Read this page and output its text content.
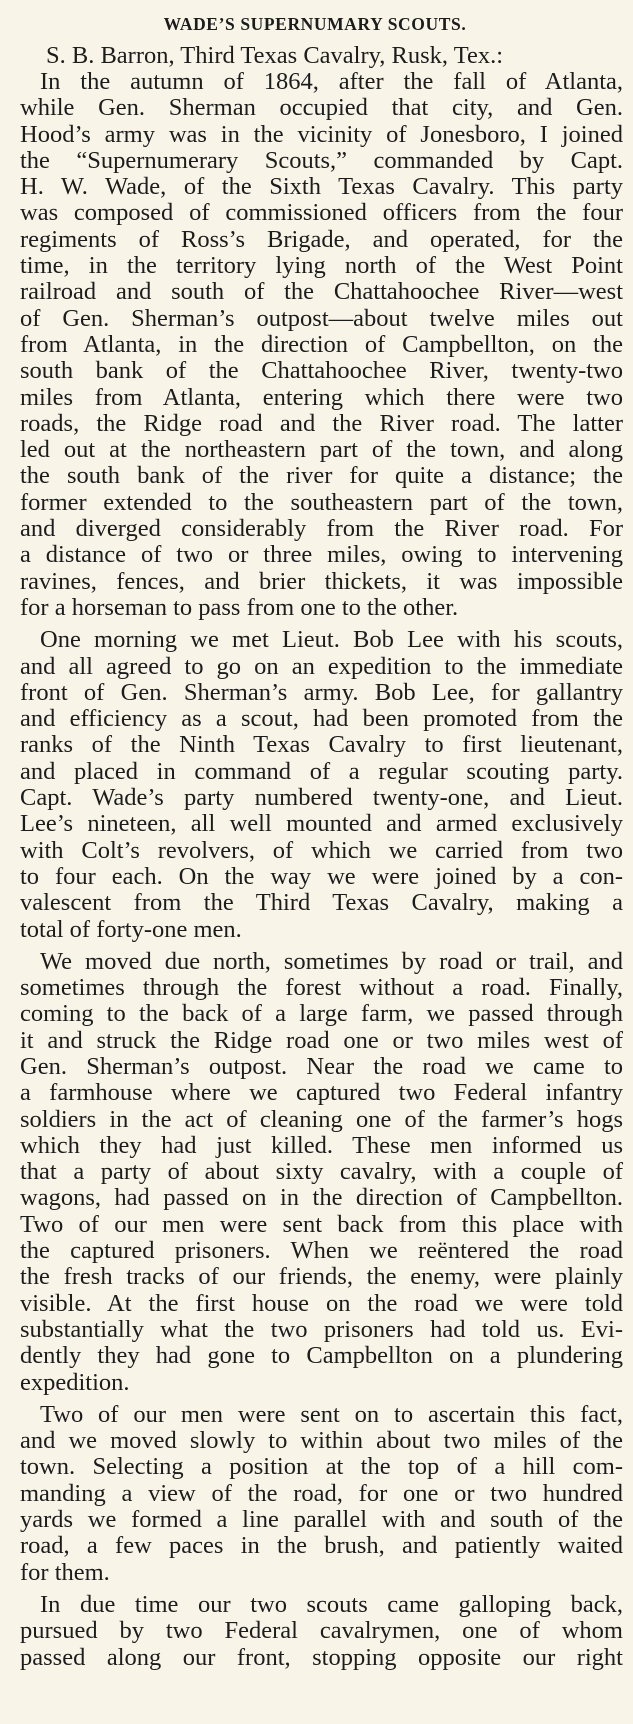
WADE’S SUPERNUMARY SCOUTS.
S. B. Barron, Third Texas Cavalry, Rusk, Tex.:
In the autumn of 1864, after the fall of Atlanta,
while Gen. Sherman occupied that city, and Gen.
Hood’s army was in the vicinity of Jonesboro, I joined
the “Supernumerary Scouts,” commanded by Capt.
H. W. Wade, of the Sixth Texas Cavalry. This party
was composed of commissioned officers from the four
regiments of Ross’s Brigade, and operated, for the
time, in the territory lying north of the West Point
railroad and south of the Chattahoochee River—west
of Gen. Sherman’s outpost—about twelve miles out
from Atlanta, in the direction of Campbellton, on the
south bank of the Chattahoochee River, twenty-two
miles from Atlanta, entering which there were two
roads, the Ridge road and the River road. The latter
led out at the northeastern part of the town, and along
the south bank of the river for quite a distance; the
former extended to the southeastern part of the town,
and diverged considerably from the River road. For
a distance of two or three miles, owing to intervening
ravines, fences, and brier thickets, it was impossible
for a horseman to pass from one to the other.
One morning we met Lieut. Bob Lee with his scouts,
and all agreed to go on an expedition to the immediate
front of Gen. Sherman’s army. Bob Lee, for gallantry
and efficiency as a scout, had been promoted from the
ranks of the Ninth Texas Cavalry to first lieutenant,
and placed in command of a regular scouting party.
Capt. Wade’s party numbered twenty-one, and Lieut.
Lee’s nineteen, all well mounted and armed exclusively
with Colt’s revolvers, of which we carried from two
to four each. On the way we were joined by a con-
valescent from the Third Texas Cavalry, making a
total of forty-one men.
We moved due north, sometimes by road or trail, and
sometimes through the forest without a road. Finally,
coming to the back of a large farm, we passed through
it and struck the Ridge road one or two miles west of
Gen. Sherman’s outpost. Near the road we came to
a farmhouse where we captured two Federal infantry
soldiers in the act of cleaning one of the farmer’s hogs
which they had just killed. These men informed us
that a party of about sixty cavalry, with a couple of
wagons, had passed on in the direction of Campbellton.
Two of our men were sent back from this place with
the captured prisoners. When we reëntered the road
the fresh tracks of our friends, the enemy, were plainly
visible. At the first house on the road we were told
substantially what the two prisoners had told us. Evi-
dently they had gone to Campbellton on a plundering
expedition.
Two of our men were sent on to ascertain this fact,
and we moved slowly to within about two miles of the
town. Selecting a position at the top of a hill com-
manding a view of the road, for one or two hundred
yards we formed a line parallel with and south of the
road, a few paces in the brush, and patiently waited
for them.
In due time our two scouts came galloping back,
pursued by two Federal cavalrymen, one of whom
passed along our front, stopping opposite our right
